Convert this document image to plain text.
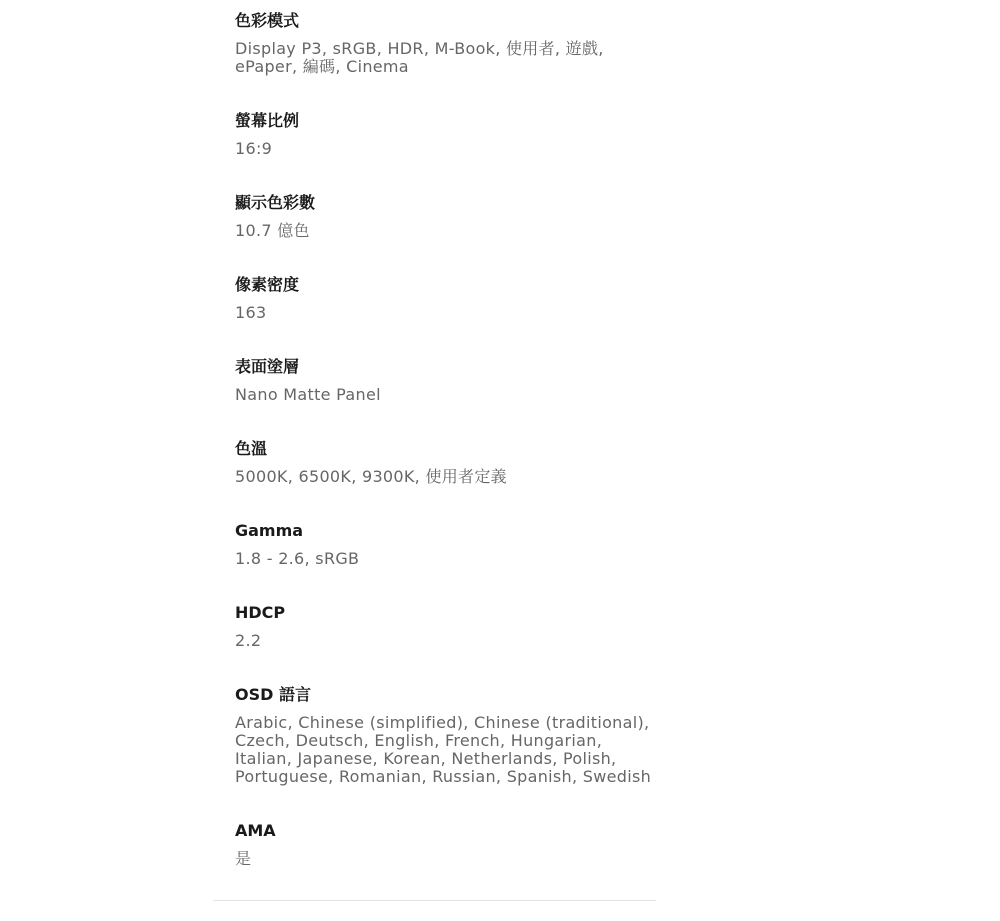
色彩模式
Display P3, sRGB, HDR, M-Book, 使用者, 遊戲, ePaper, 編碼, Cinema
螢幕比例
16:9
顯示色彩數
10.7 億色
像素密度
163
表面塗層
Nano Matte Panel
色溫
5000K, 6500K, 9300K, 使用者定義
Gamma
1.8 - 2.6, sRGB
HDCP
2.2
OSD 語言
Arabic, Chinese (simplified), Chinese (traditional), Czech, Deutsch, English, French, Hungarian, Italian, Japanese, Korean, Netherlands, Polish, Portuguese, Romanian, Russian, Spanish, Swedish
AMA
是
